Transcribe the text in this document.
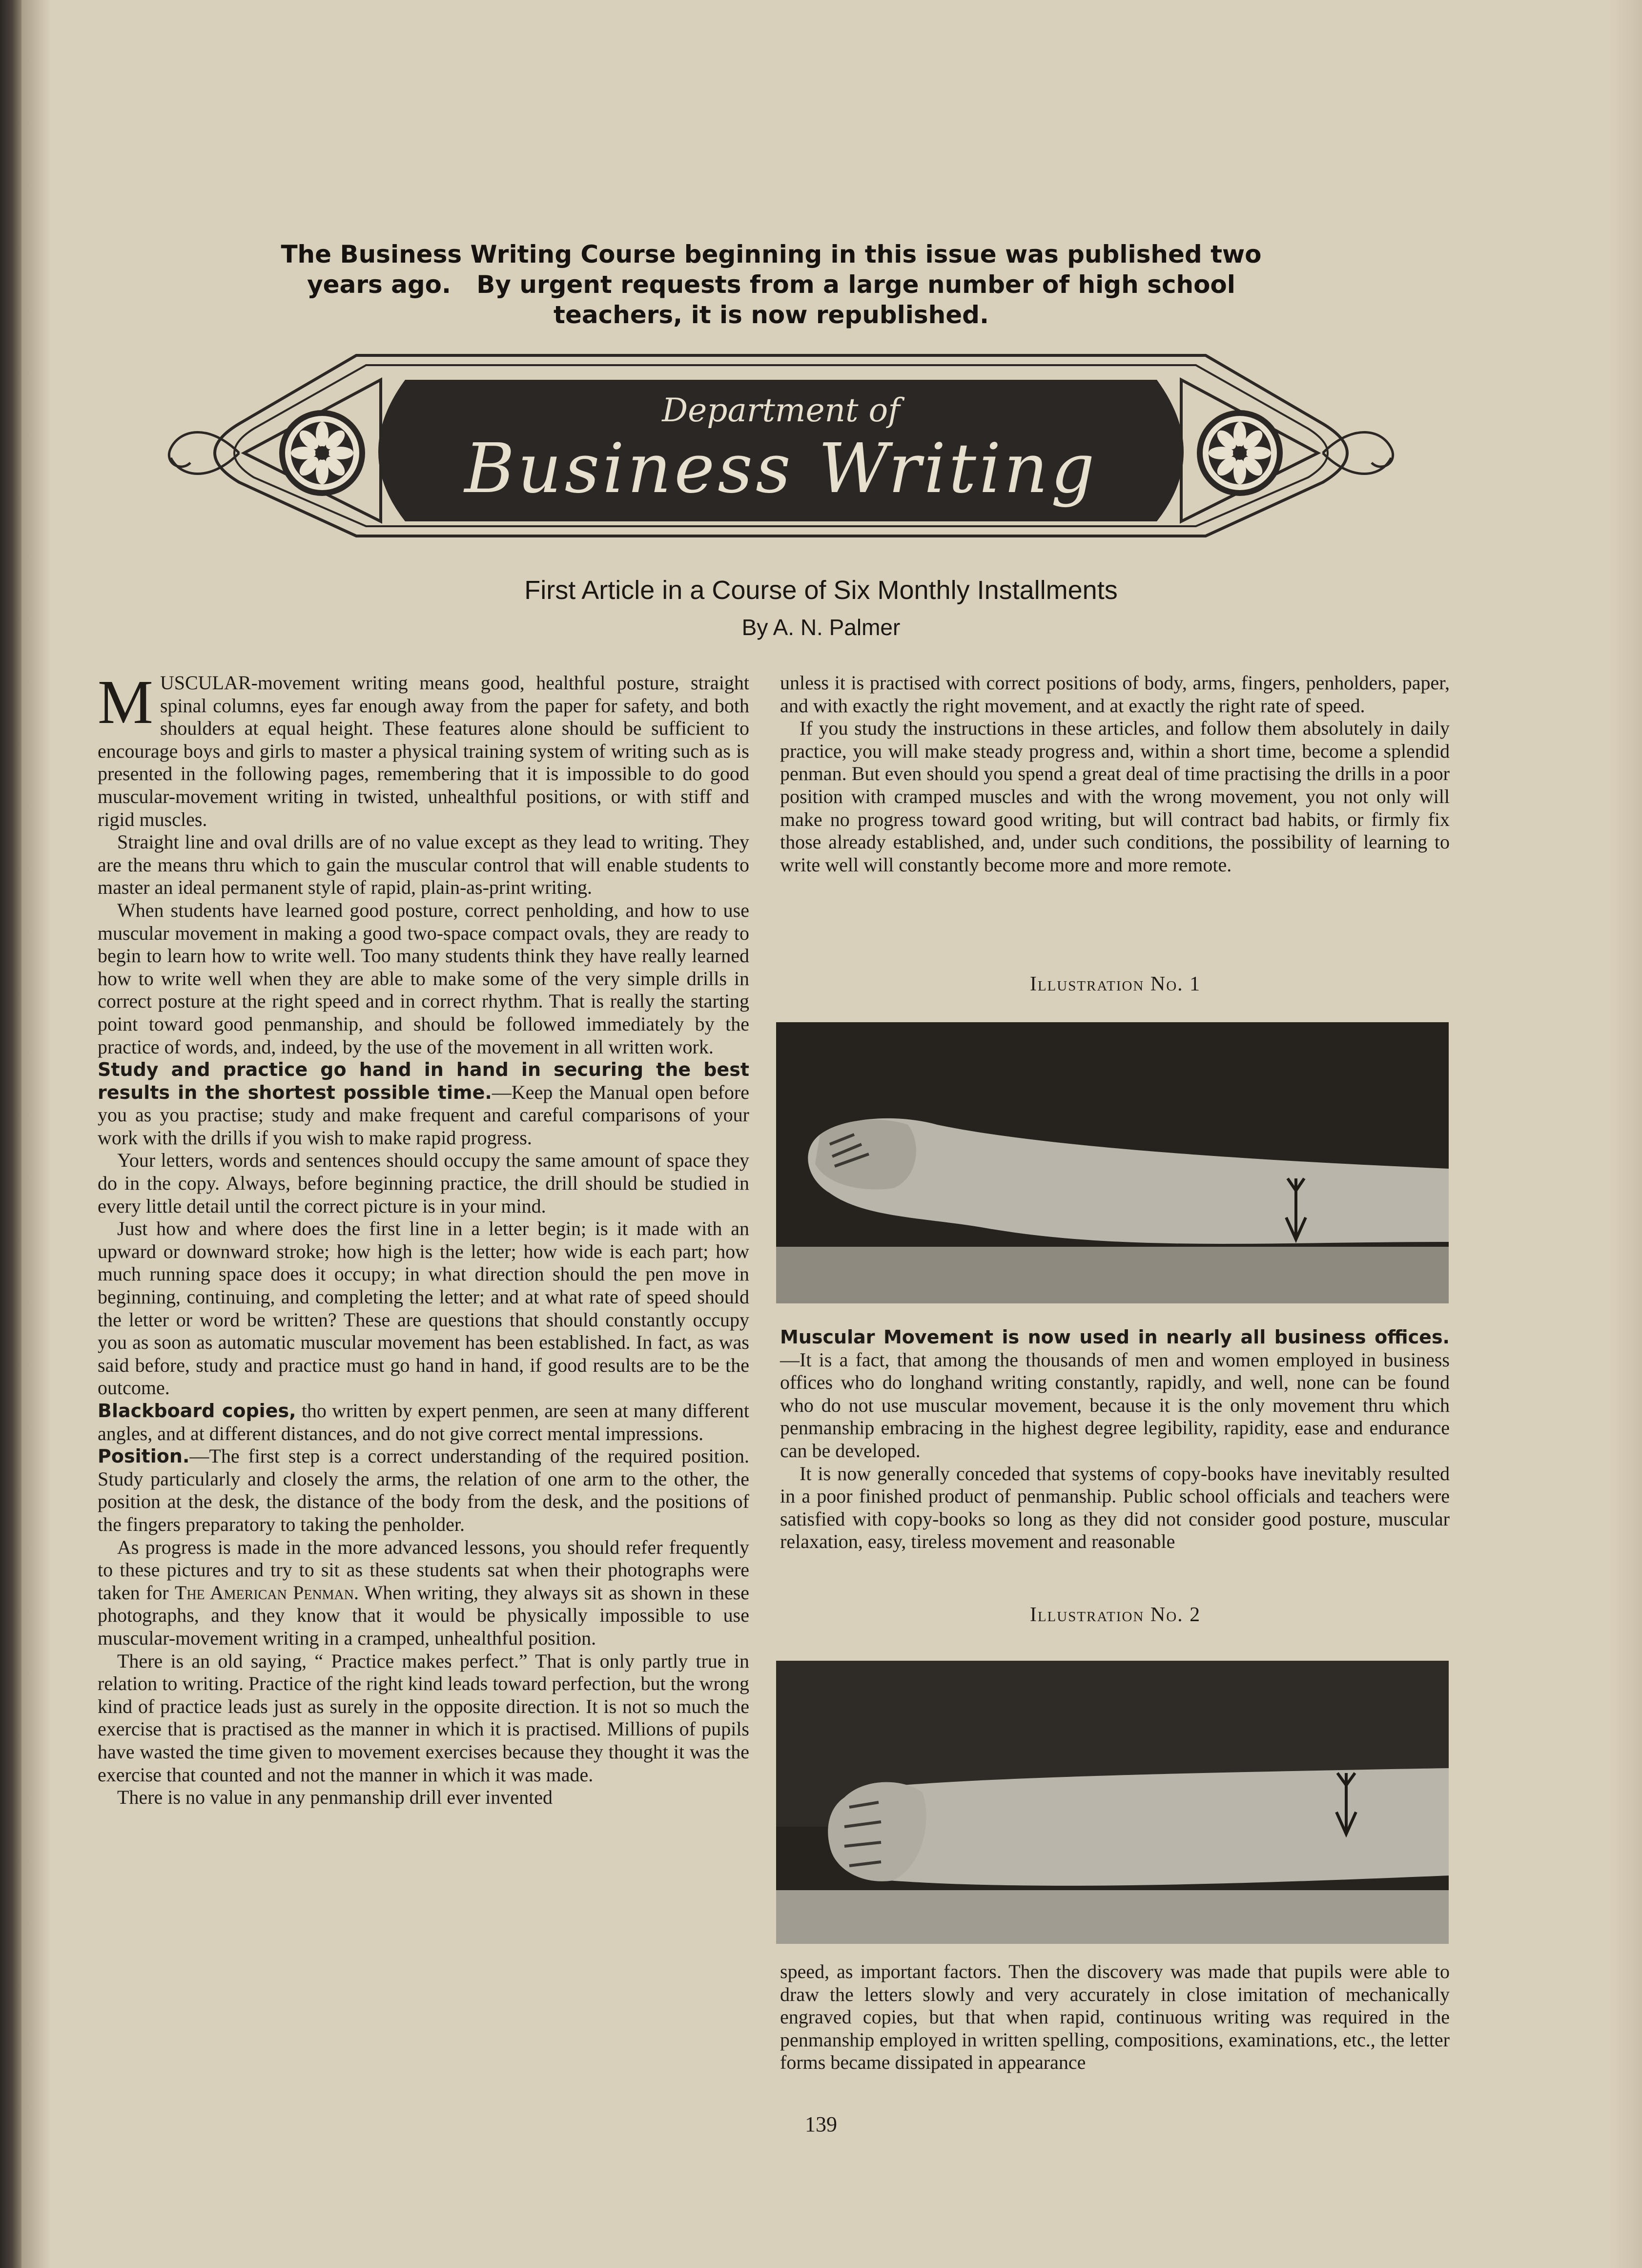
The Business Writing Course beginning in this issue was published two
years ago.   By urgent requests from a large number of high school
teachers, it is now republished.
Department of
Business Writing
First Article in a Course of Six Monthly Installments
By A. N. Palmer

MUSCULAR-movement writing means good, healthful posture, straight spinal columns, eyes far enough away from the paper for safety, and both shoulders at equal height. These features alone should be sufficient to encourage boys and girls to master a physical training system of writing such as is presented in the following pages, remembering that it is impossible to do good muscular-movement writing in twisted, unhealthful positions, or with stiff and rigid muscles.

Straight line and oval drills are of no value except as they lead to writing. They are the means thru which to gain the muscular control that will enable students to master an ideal permanent style of rapid, plain-as-print writing.

When students have learned good posture, correct penholding, and how to use muscular movement in making a good two-space compact ovals, they are ready to begin to learn how to write well. Too many students think they have really learned how to write well when they are able to make some of the very simple drills in correct posture at the right speed and in correct rhythm. That is really the starting point toward good penmanship, and should be followed immediately by the practice of words, and, indeed, by the use of the movement in all written work.

Study and practice go hand in hand in securing the best results in the shortest possible time.—Keep the Manual open before you as you practise; study and make frequent and careful comparisons of your work with the drills if you wish to make rapid progress.

Your letters, words and sentences should occupy the same amount of space they do in the copy. Always, before beginning practice, the drill should be studied in every little detail until the correct picture is in your mind.

Just how and where does the first line in a letter begin; is it made with an upward or downward stroke; how high is the letter; how wide is each part; how much running space does it occupy; in what direction should the pen move in beginning, continuing, and completing the letter; and at what rate of speed should the letter or word be written? These are questions that should constantly occupy you as soon as automatic muscular movement has been established. In fact, as was said before, study and practice must go hand in hand, if good results are to be the outcome.

Blackboard copies, tho written by expert penmen, are seen at many different angles, and at different distances, and do not give correct mental impressions.

Position.—The first step is a correct understanding of the required position. Study particularly and closely the arms, the relation of one arm to the other, the position at the desk, the distance of the body from the desk, and the positions of the fingers preparatory to taking the penholder.

As progress is made in the more advanced lessons, you should refer frequently to these pictures and try to sit as these students sat when their photographs were taken for The American Penman. When writing, they always sit as shown in these photographs, and they know that it would be physically impossible to use muscular-movement writing in a cramped, unhealthful position.

There is an old saying, “ Practice makes perfect.” That is only partly true in relation to writing. Practice of the right kind leads toward perfection, but the wrong kind of practice leads just as surely in the opposite direction. It is not so much the exercise that is practised as the manner in which it is practised. Millions of pupils have wasted the time given to movement exercises because they thought it was the exercise that counted and not the manner in which it was made.

There is no value in any penmanship drill ever invented

unless it is practised with correct positions of body, arms, fingers, penholders, paper, and with exactly the right movement, and at exactly the right rate of speed.

If you study the instructions in these articles, and follow them absolutely in daily practice, you will make steady progress and, within a short time, become a splendid penman. But even should you spend a great deal of time practising the drills in a poor position with cramped muscles and with the wrong movement, you not only will make no progress toward good writing, but will contract bad habits, or firmly fix those already established, and, under such conditions, the possibility of learning to write well will constantly become more and more remote.

Illustration No. 1

Muscular Movement is now used in nearly all business offices.—It is a fact, that among the thousands of men and women employed in business offices who do longhand writing constantly, rapidly, and well, none can be found who do not use muscular movement, because it is the only movement thru which penmanship embracing in the highest degree legibility, rapidity, ease and endurance can be developed.

It is now generally conceded that systems of copy-books have inevitably resulted in a poor finished product of penmanship. Public school officials and teachers were satisfied with copy-books so long as they did not consider good posture, muscular relaxation, easy, tireless movement and reasonable

Illustration No. 2

speed, as important factors. Then the discovery was made that pupils were able to draw the letters slowly and very accurately in close imitation of mechanically engraved copies, but that when rapid, continuous writing was required in the penmanship employed in written spelling, compositions, examinations, etc., the letter forms became dissipated in appearance

139
